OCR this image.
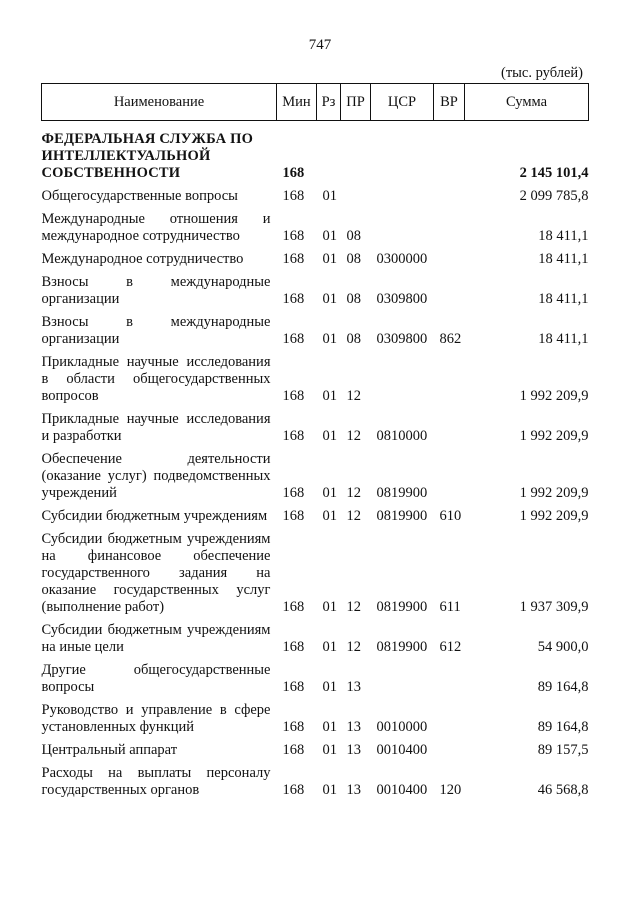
747
(тыс. рублей)
Наименование	Мин	Рз	ПР	ЦСР	ВР	Сумма
ФЕДЕРАЛЬНАЯ СЛУЖБА ПО ИНТЕЛЛЕКТУАЛЬНОЙ СОБСТВЕННОСТИ	168					2 145 101,4
Общегосударственные вопросы	168	01				2 099 785,8
Международные отношения и международное сотрудничество	168	01	08			18 411,1
Международное сотрудничество	168	01	08	0300000		18 411,1
Взносы в международные организации	168	01	08	0309800		18 411,1
Взносы в международные организации	168	01	08	0309800	862	18 411,1
Прикладные научные исследования в области общегосударственных вопросов	168	01	12			1 992 209,9
Прикладные научные исследования и разработки	168	01	12	0810000		1 992 209,9
Обеспечение деятельности (оказание услуг) подведомственных учреждений	168	01	12	0819900		1 992 209,9
Субсидии бюджетным учреждениям	168	01	12	0819900	610	1 992 209,9
Субсидии бюджетным учреждениям на финансовое обеспечение государственного задания на оказание государственных услуг (выполнение работ)	168	01	12	0819900	611	1 937 309,9
Субсидии бюджетным учреждениям на иные цели	168	01	12	0819900	612	54 900,0
Другие общегосударственные вопросы	168	01	13			89 164,8
Руководство и управление в сфере установленных функций	168	01	13	0010000		89 164,8
Центральный аппарат	168	01	13	0010400		89 157,5
Расходы на выплаты персоналу государственных органов	168	01	13	0010400	120	46 568,8
